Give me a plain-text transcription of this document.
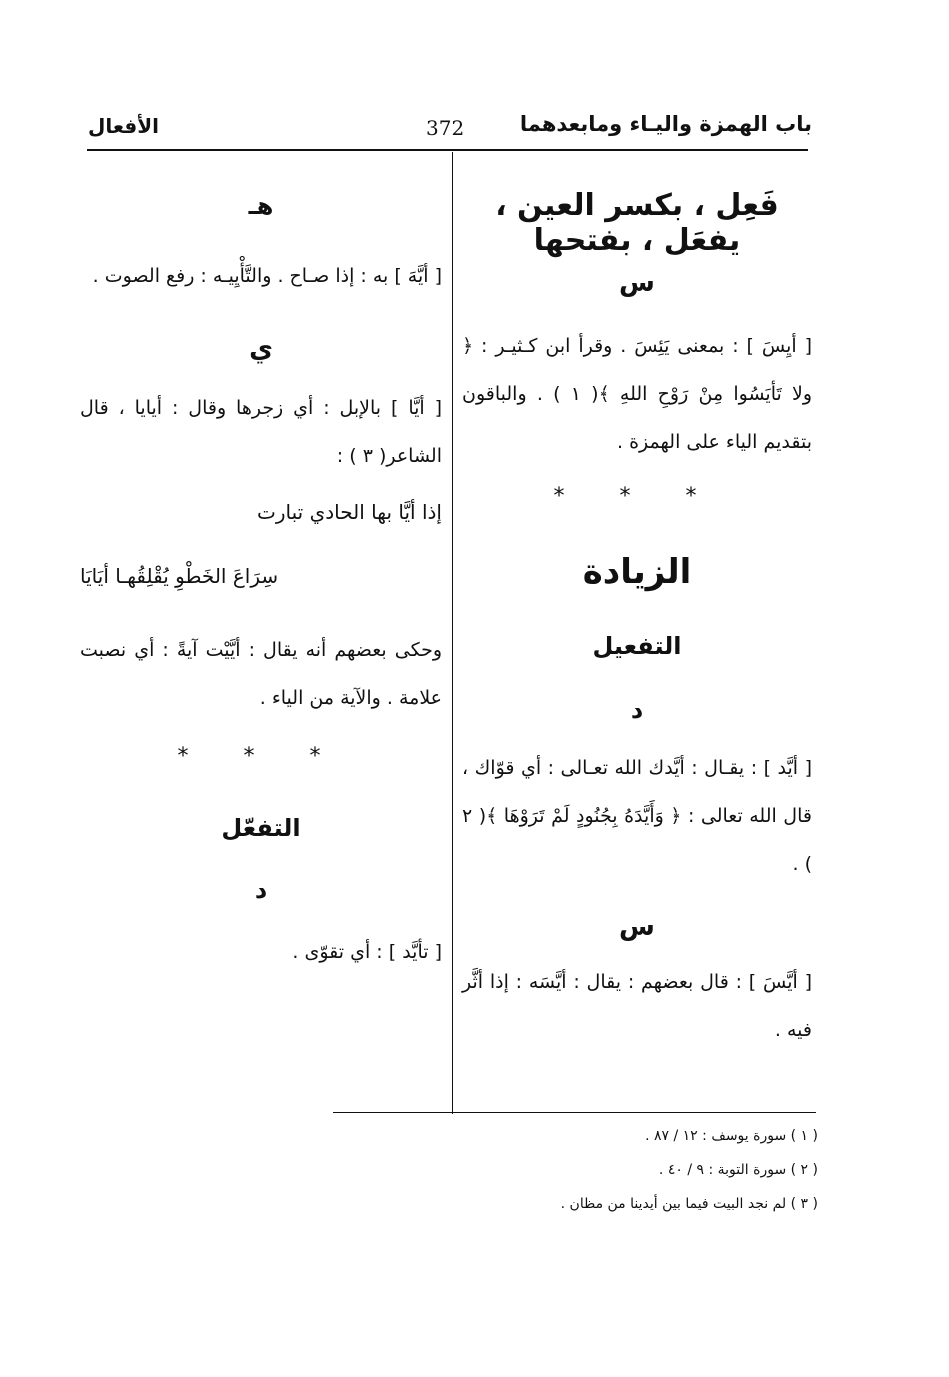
باب الهمزة واليـاء ومابعدهما
372
الأفعال
فَعِل ، بكسر العين ، يفعَل ، بفتحها
س
[ أيِسَ ] : بمعنى يَئِسَ . وقرأ ابن كـثيـر : ﴿ ولا تَأيَسُوا مِنْ رَوْحِ اللهِ ﴾( ١ ) . والباقون بتقديم الياء على الهمزة .
* * *
الزيادة
التفعيل
د
[ أيَّد ] : يقـال : أيَّدك الله تعـالى : أي قوّاك ، قال الله تعالى : ﴿ وَأَيَّدَهُ بِجُنُودٍ لَمْ تَرَوْهَا ﴾( ٢ ) .
س
[ أيَّسَ ] : قال بعضهم : يقال : أيَّسَه : إذا أثَّر فيه .
هـ
[ أيَّهَ ] به : إذا صـاح . والتَّأْيِيـه : رفع الصوت .
ي
[ أيَّا ] بالإبل : أي زجرها وقال : أيايا ، قال الشاعر( ٣ ) :
إذا أيَّا بها الحادي تبارت
سِرَاعَ الخَطْوِ يُقْلِقُهـا أيَايَا
وحكى بعضهم أنه يقال : أيَّيْت آيةً : أي نصبت علامة . والآية من الياء .
* * *
التفعّل
د
[ تأيَّد ] : أي تقوّى .
( ١ ) سورة يوسف : ١٢ / ٨٧ .
( ٢ ) سورة التوبة : ٩ / ٤٠ .
( ٣ ) لم نجد البيت فيما بين أيدينا من مظان .
